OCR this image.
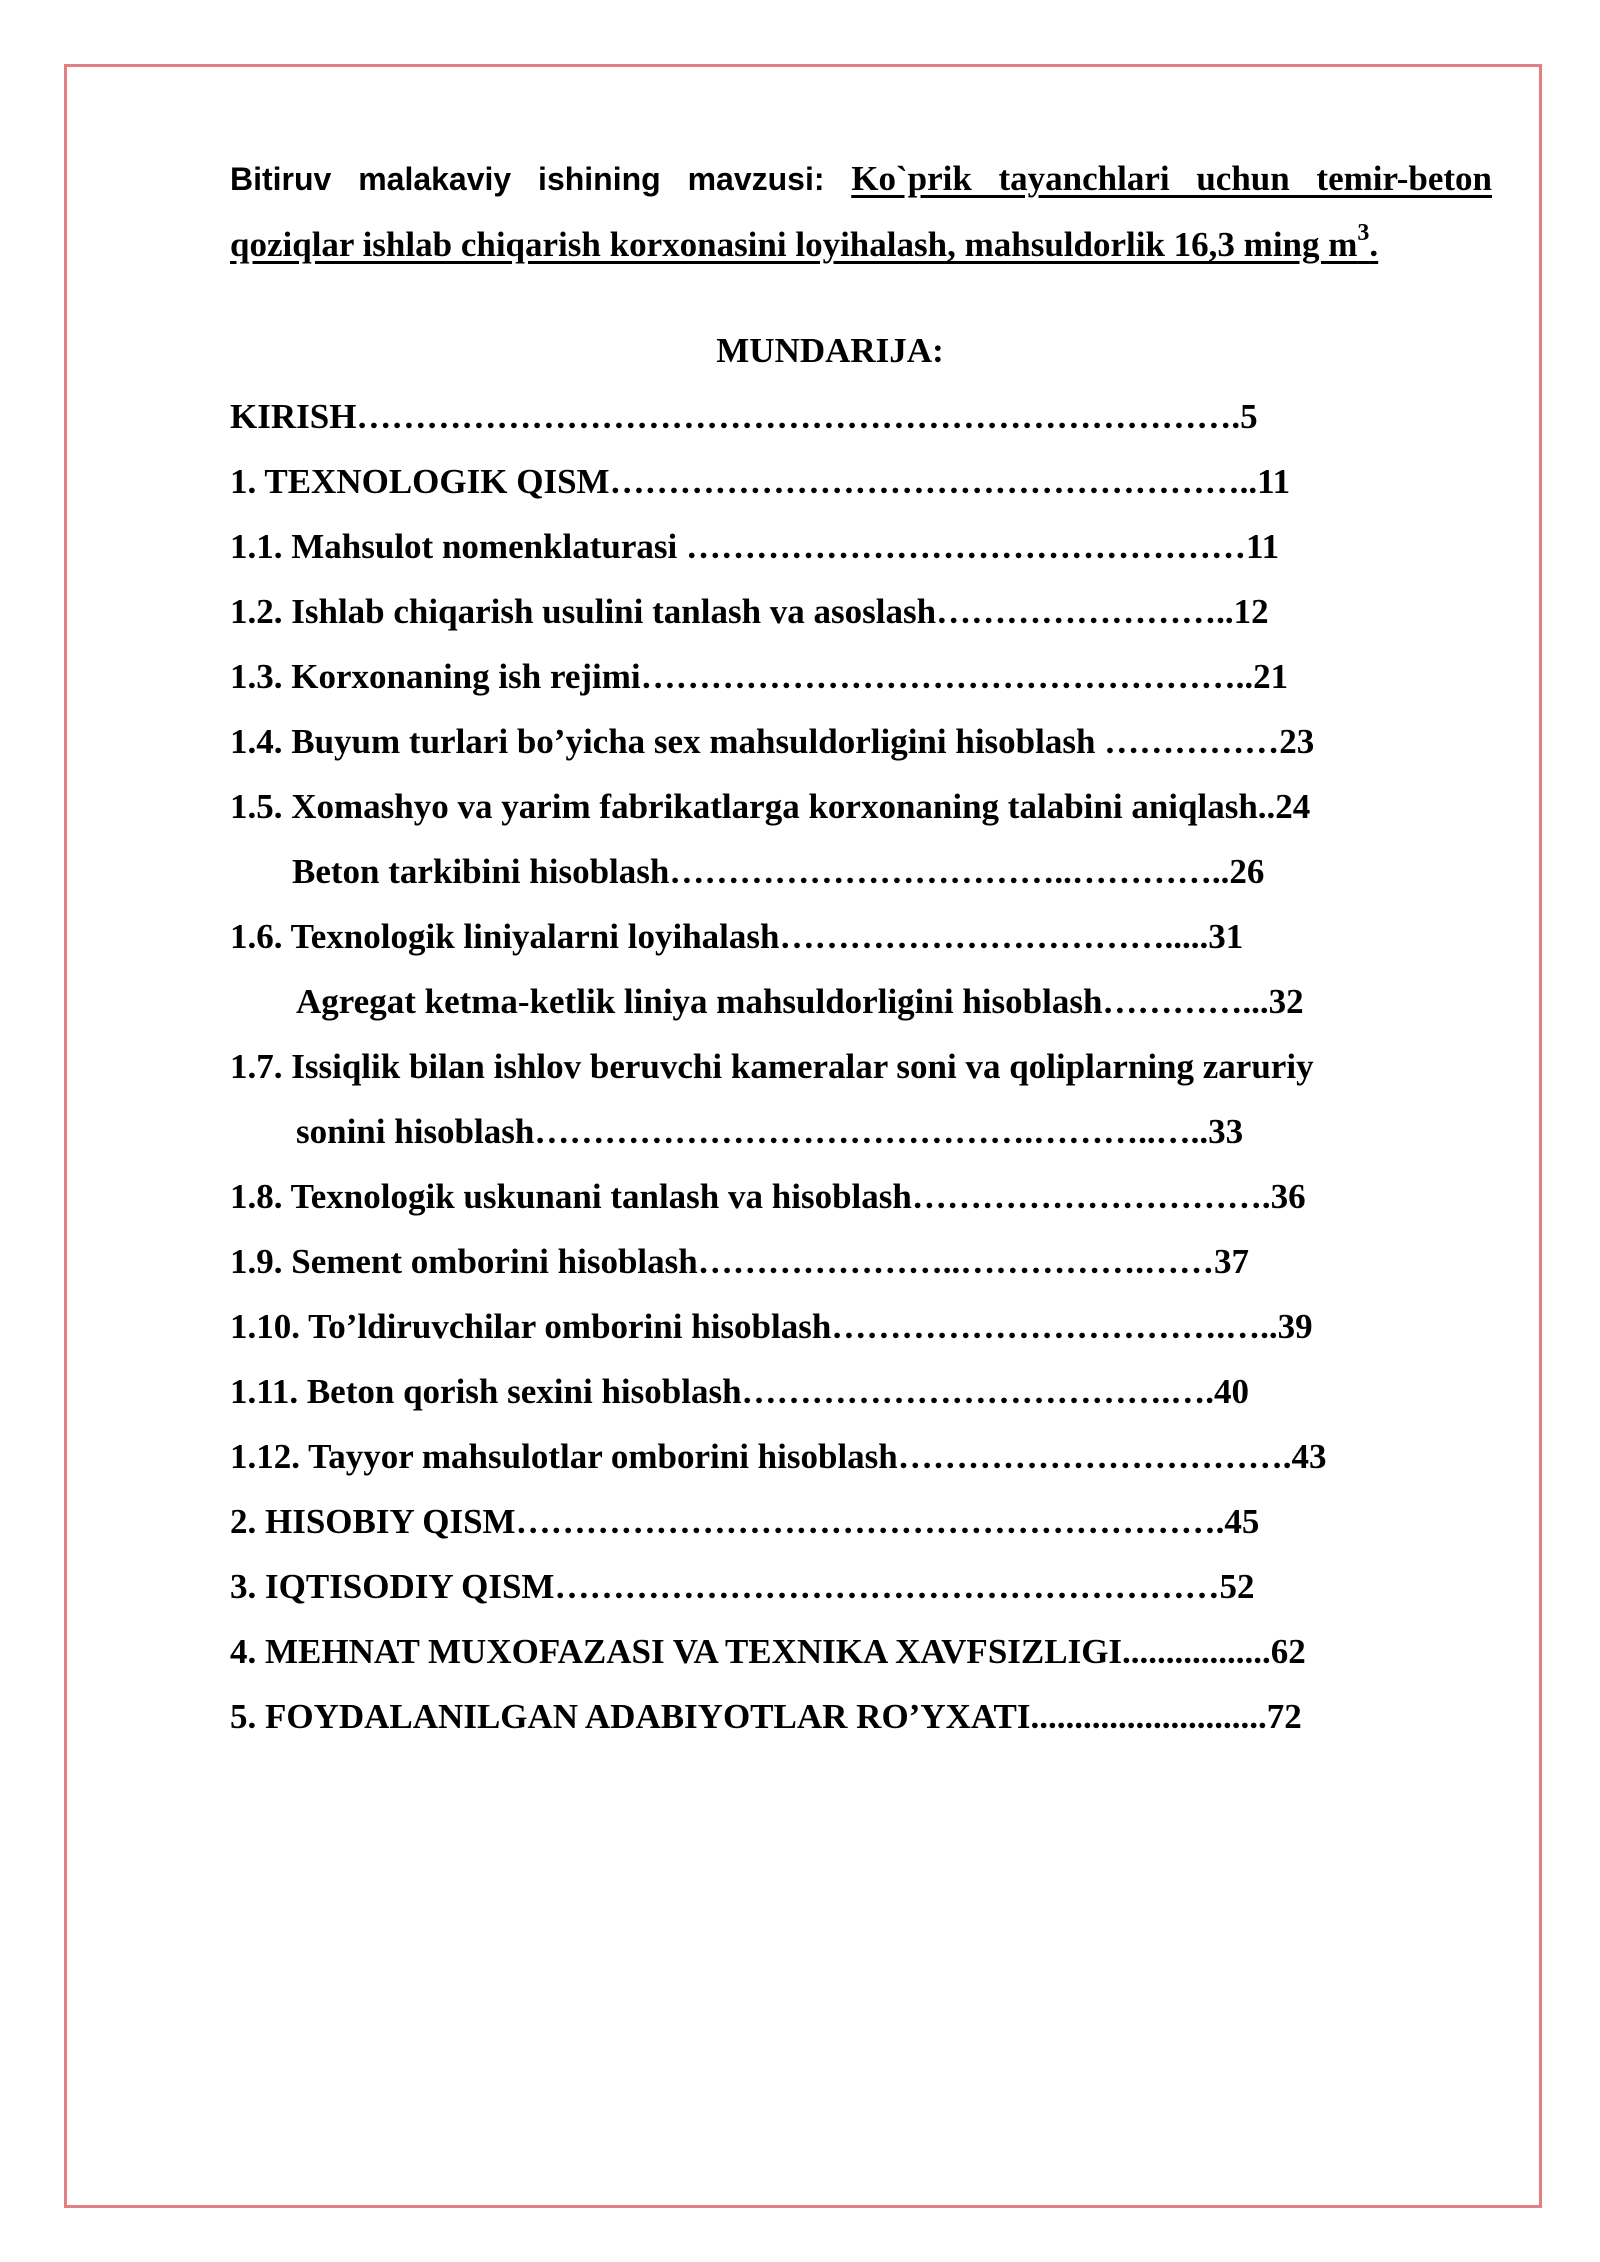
Bitiruv malakaviy ishining mavzusi: Ko`prik tayanchlari uchun temir-beton qoziqlar ishlab chiqarish korxonasini loyihalash, mahsuldorlik 16,3 ming $m^3$.
MUNDARIJA:
KIRISH………………………………………………………………….5
1. TEXNOLOGIK QISM………………………………………………..11
1.1. Mahsulot nomenklaturasi …………………………………………11
1.2. Ishlab chiqarish usulini tanlash va asoslash……………………..12
1.3. Korxonaning ish rejimi……………………………………………..21
1.4. Buyum turlari bo’yicha sex mahsuldorligini hisoblash ……………23
1.5. Xomashyo va yarim fabrikatlarga korxonaning talabini aniqlash..24
Beton tarkibini hisoblash……………………………..…………..26
1.6. Texnologik liniyalarni loyihalash…………………………….....31
Agregat ketma-ketlik liniya mahsuldorligini hisoblash…………...32
1.7. Issiqlik bilan ishlov beruvchi kameralar soni va qoliplarning zaruriy
sonini hisoblash…………………………………….………..…..33
1.8. Texnologik uskunani tanlash va hisoblash………………………….36
1.9. Sement omborini hisoblash…………………..…………….……37
1.10. To’ldiruvchilar omborini hisoblash…………………………….…..39
1.11. Beton qorish sexini hisoblash……………………………….….40
1.12. Tayyor mahsulotlar omborini hisoblash…………………………….43
2. HISOBIY QISM…………………………………………………….45
3. IQTISODIY QISM…………………………………………………52
4. MEHNAT MUXOFAZASI VA TEXNIKA XAVFSIZLIGI.................62
5. FOYDALANILGAN ADABIYOTLAR RO’YXATI...........................72
